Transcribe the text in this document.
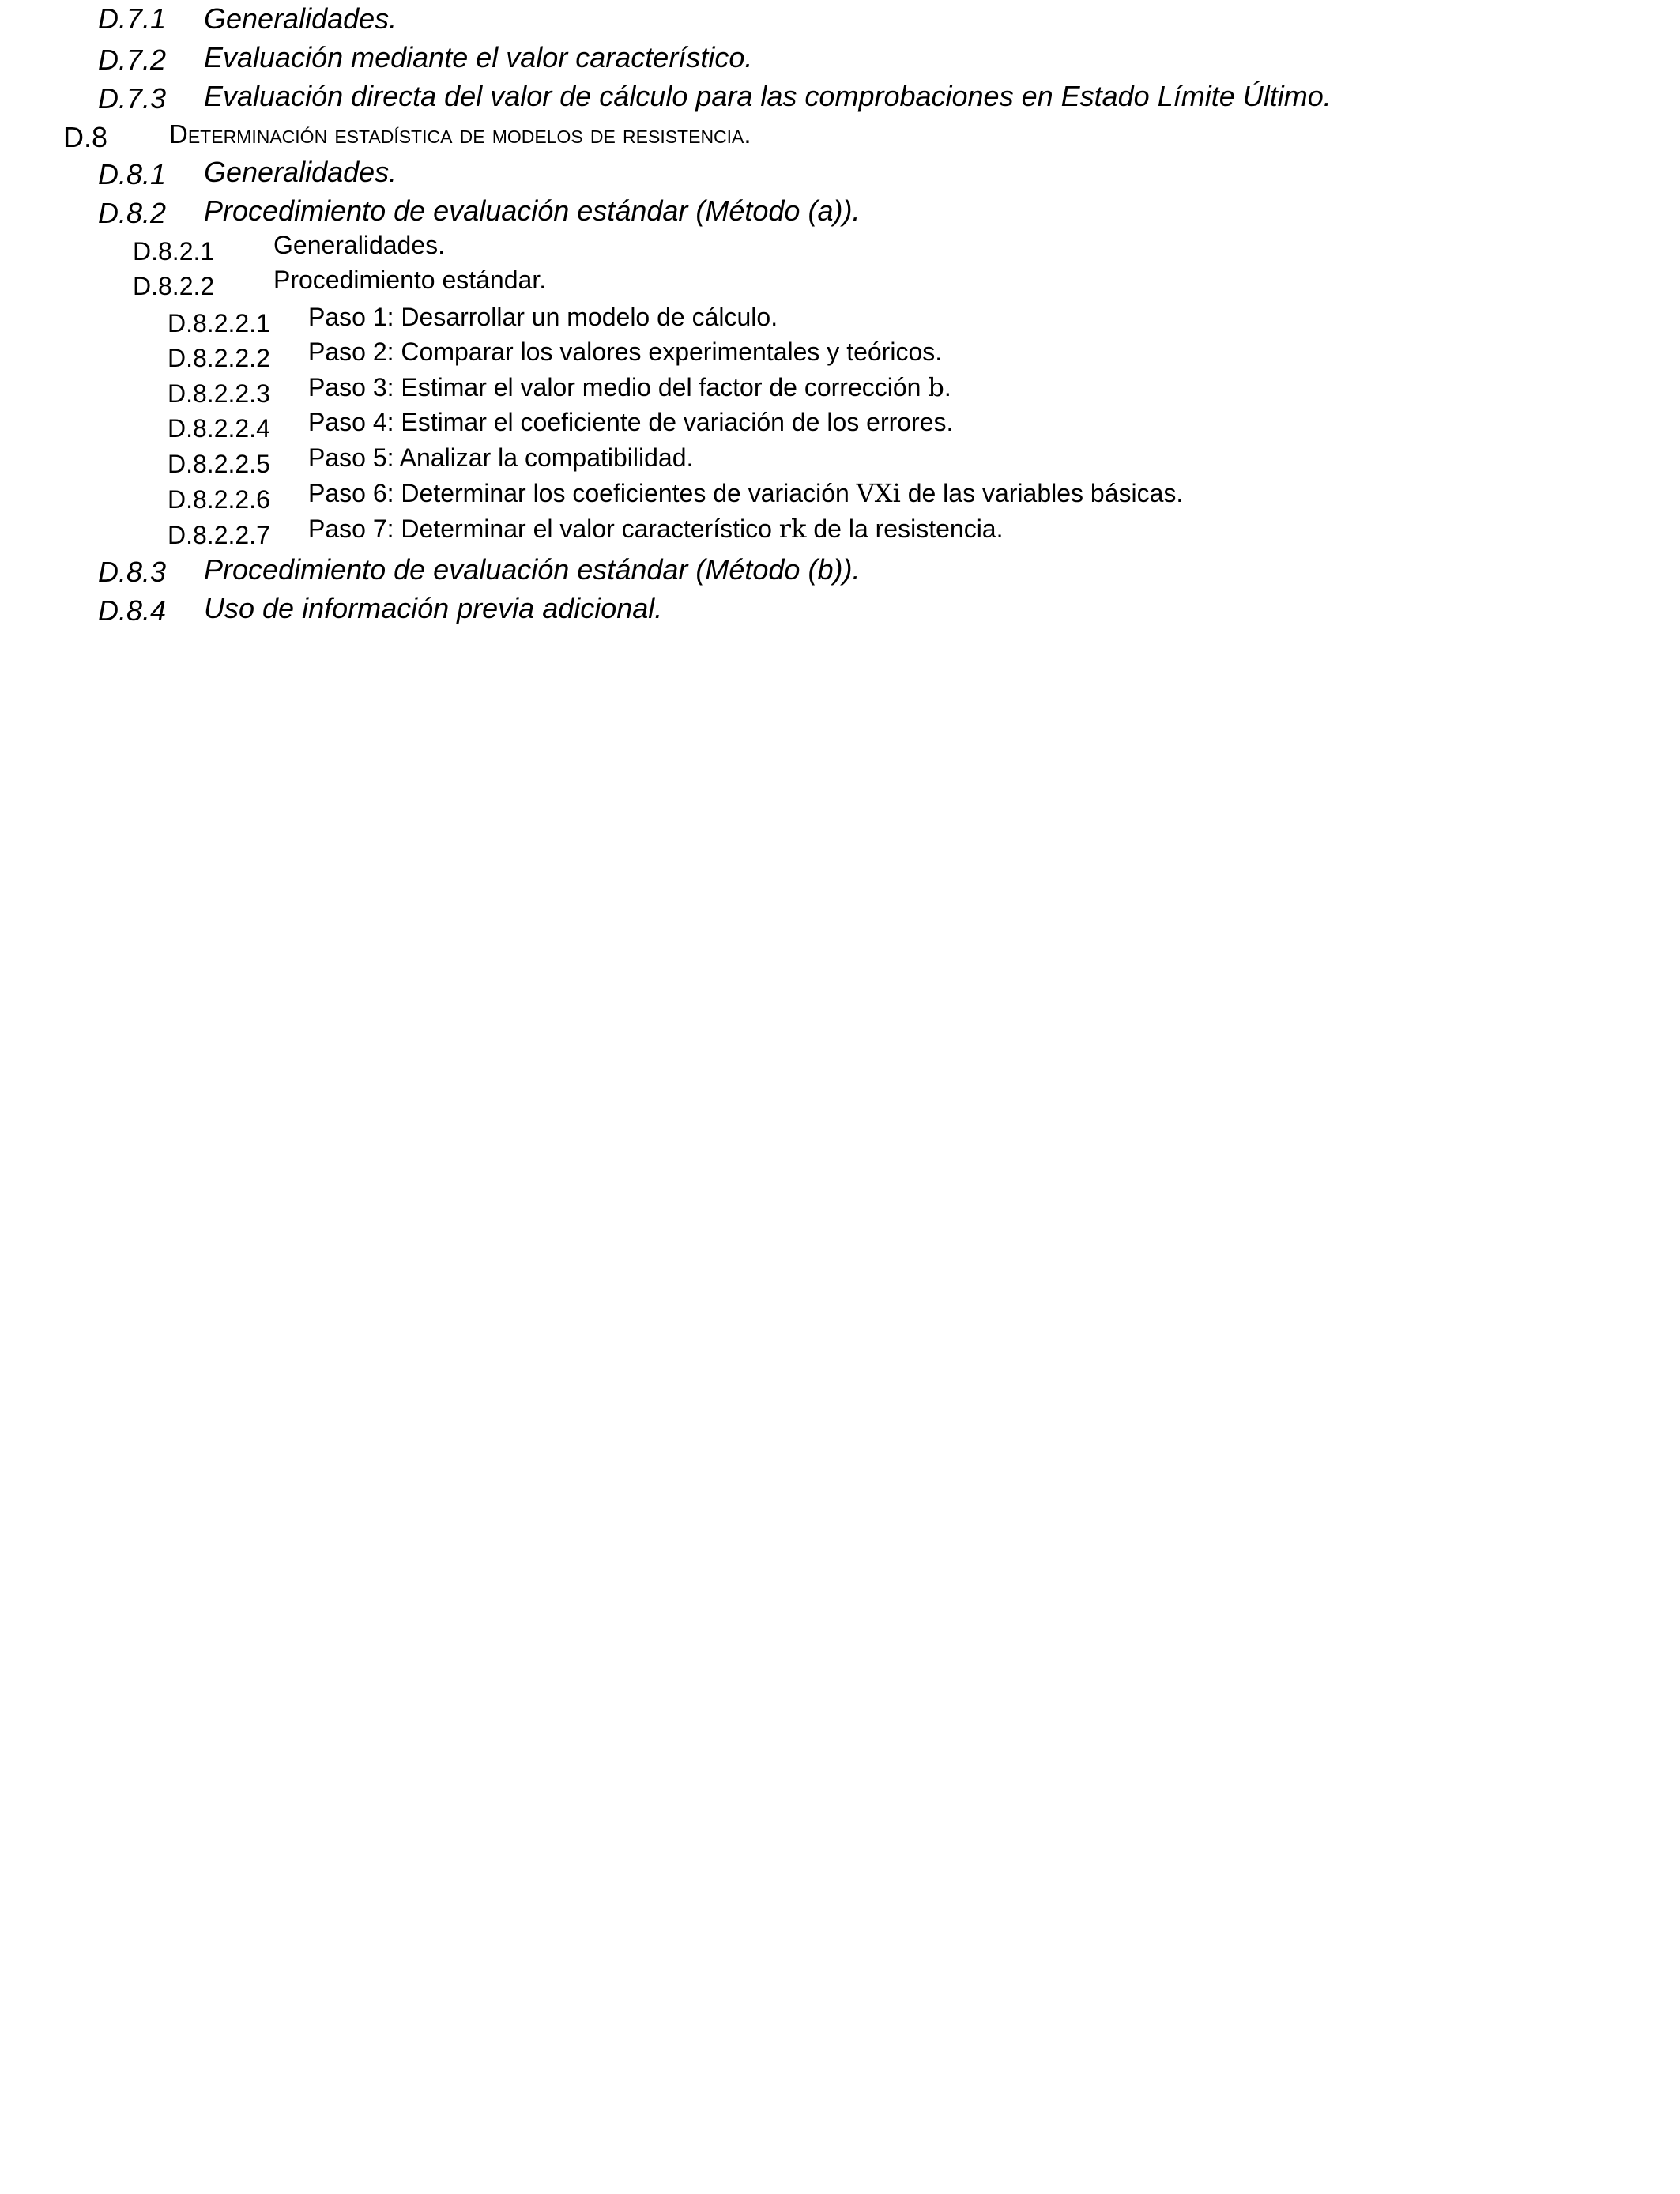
D.7.1 Generalidades.
D.7.2 Evaluación mediante el valor característico.
D.7.3 Evaluación directa del valor de cálculo para las comprobaciones en Estado Límite Último.
D.8 Determinación estadística de modelos de resistencia.
D.8.1 Generalidades.
D.8.2 Procedimiento de evaluación estándar (Método (a)).
D.8.2.1 Generalidades.
D.8.2.2 Procedimiento estándar.
D.8.2.2.1 Paso 1: Desarrollar un modelo de cálculo.
D.8.2.2.2 Paso 2: Comparar los valores experimentales y teóricos.
D.8.2.2.3 Paso 3: Estimar el valor medio del factor de corrección b.
D.8.2.2.4 Paso 4: Estimar el coeficiente de variación de los errores.
D.8.2.2.5 Paso 5: Analizar la compatibilidad.
D.8.2.2.6 Paso 6: Determinar los coeficientes de variación VXi de las variables básicas.
D.8.2.2.7 Paso 7: Determinar el valor característico rk de la resistencia.
D.8.3 Procedimiento de evaluación estándar (Método (b)).
D.8.4 Uso de información previa adicional.
